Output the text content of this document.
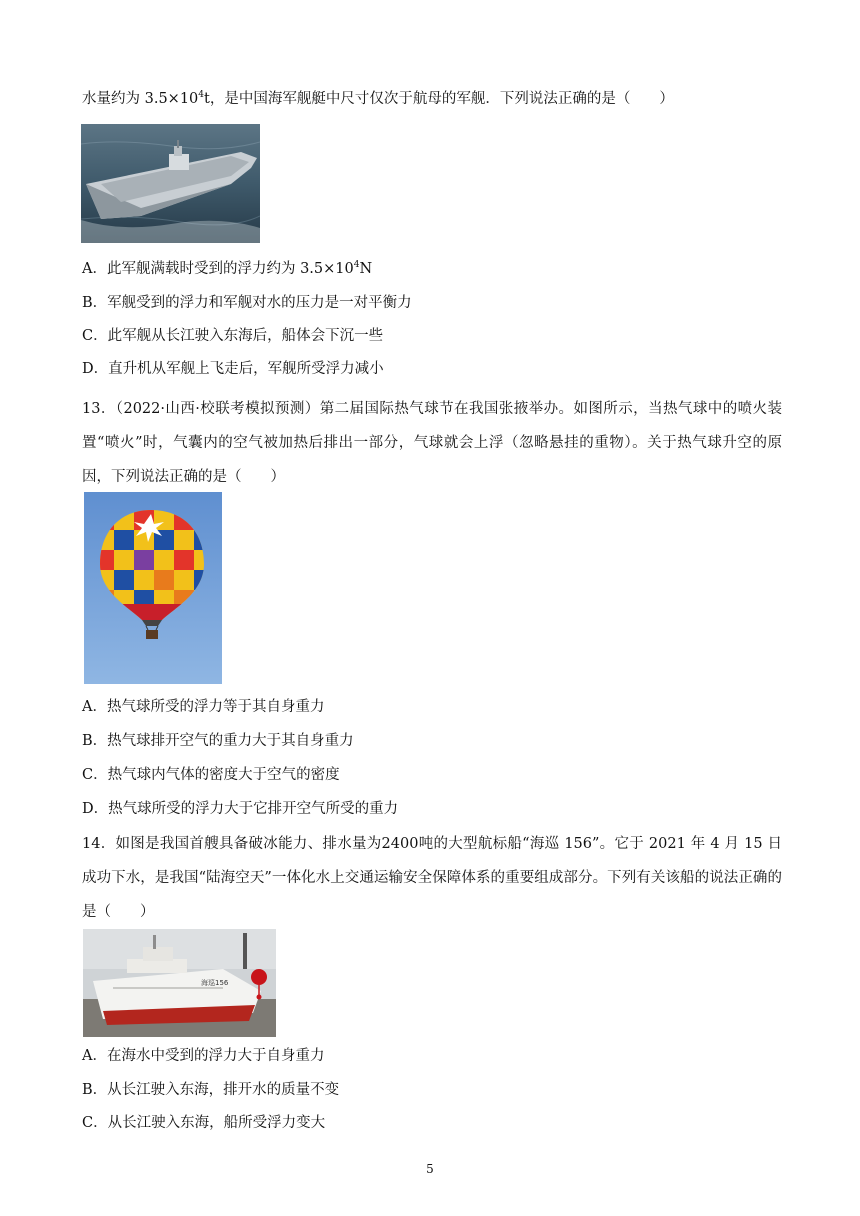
水量约为 $3.5\times 10^4t$，是中国海军舰艇中尺寸仅次于航母的军舰．下列说法正确的是（　　）
A．此军舰满载时受到的浮力约为 $3.5\times 10^4N$
B．军舰受到的浮力和军舰对水的压力是一对平衡力
C．此军舰从长江驶入东海后，船体会下沉一些
D．直升机从军舰上飞走后，军舰所受浮力减小
13．（2022·山西·校联考模拟预测）第二届国际热气球节在我国张掖举办。如图所示，当热气球中的喷火装置“喷火”时，气囊内的空气被加热后排出一部分，气球就会上浮（忽略悬挂的重物）。关于热气球升空的原因，下列说法正确的是（　　）
A．热气球所受的浮力等于其自身重力
B．热气球排开空气的重力大于其自身重力
C．热气球内气体的密度大于空气的密度
D．热气球所受的浮力大于它排开空气所受的重力
14．如图是我国首艘具备破冰能力、排水量为2400吨的大型航标船“海巡 156”。它于 2021 年 4 月 15 日成功下水，是我国“陆海空天”一体化水上交通运输安全保障体系的重要组成部分。下列有关该船的说法正确的是（　　）
海巡156
A．在海水中受到的浮力大于自身重力
B．从长江驶入东海，排开水的质量不变
C．从长江驶入东海，船所受浮力变大
5
